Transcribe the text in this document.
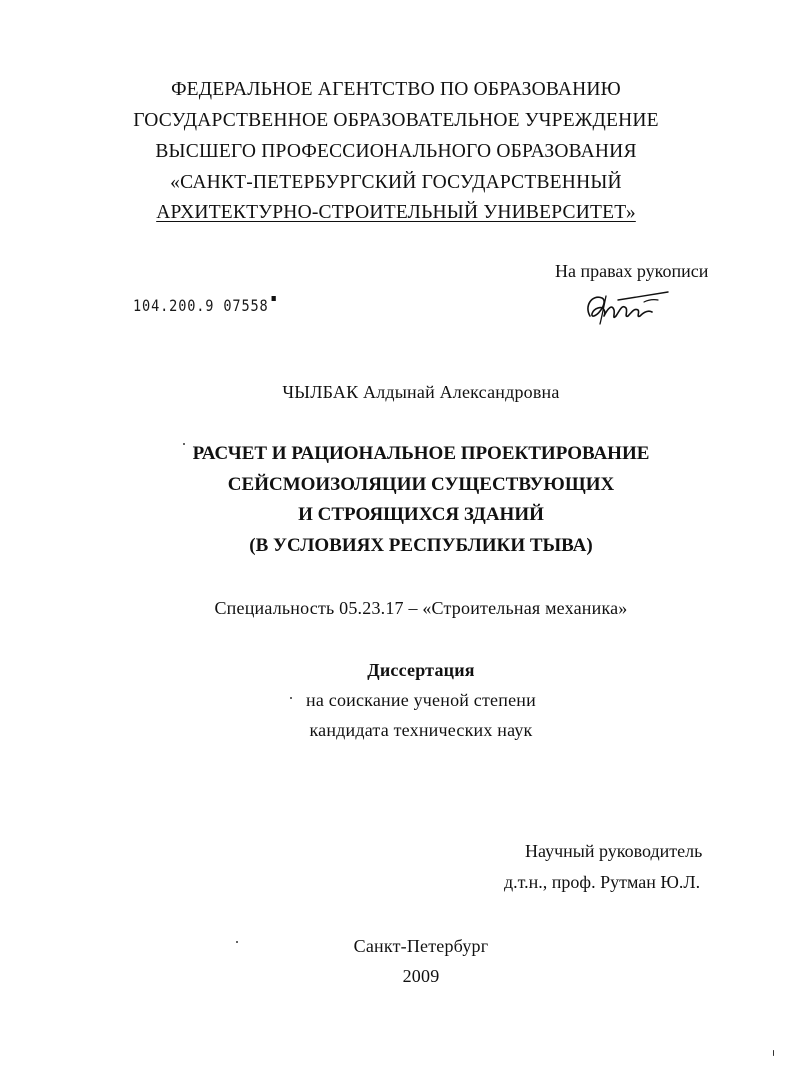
ФЕДЕРАЛЬНОЕ АГЕНТСТВО ПО ОБРАЗОВАНИЮ
ГОСУДАРСТВЕННОЕ ОБРАЗОВАТЕЛЬНОЕ УЧРЕЖДЕНИЕ
ВЫСШЕГО ПРОФЕССИОНАЛЬНОГО ОБРАЗОВАНИЯ
«САНКТ-ПЕТЕРБУРГСКИЙ ГОСУДАРСТВЕННЫЙ
АРХИТЕКТУРНО-СТРОИТЕЛЬНЫЙ УНИВЕРСИТЕТ»
На правах рукописи
104.200.9 07558
ЧЫЛБАК Алдынай Александровна
РАСЧЕТ И РАЦИОНАЛЬНОЕ ПРОЕКТИРОВАНИЕ
СЕЙСМОИЗОЛЯЦИИ СУЩЕСТВУЮЩИХ
И СТРОЯЩИХСЯ ЗДАНИЙ
(В УСЛОВИЯХ РЕСПУБЛИКИ ТЫВА)
Специальность 05.23.17 – «Строительная механика»
Диссертация
на соискание ученой степени
кандидата технических наук
Научный руководитель
д.т.н., проф. Рутман Ю.Л.
Санкт-Петербург
2009
